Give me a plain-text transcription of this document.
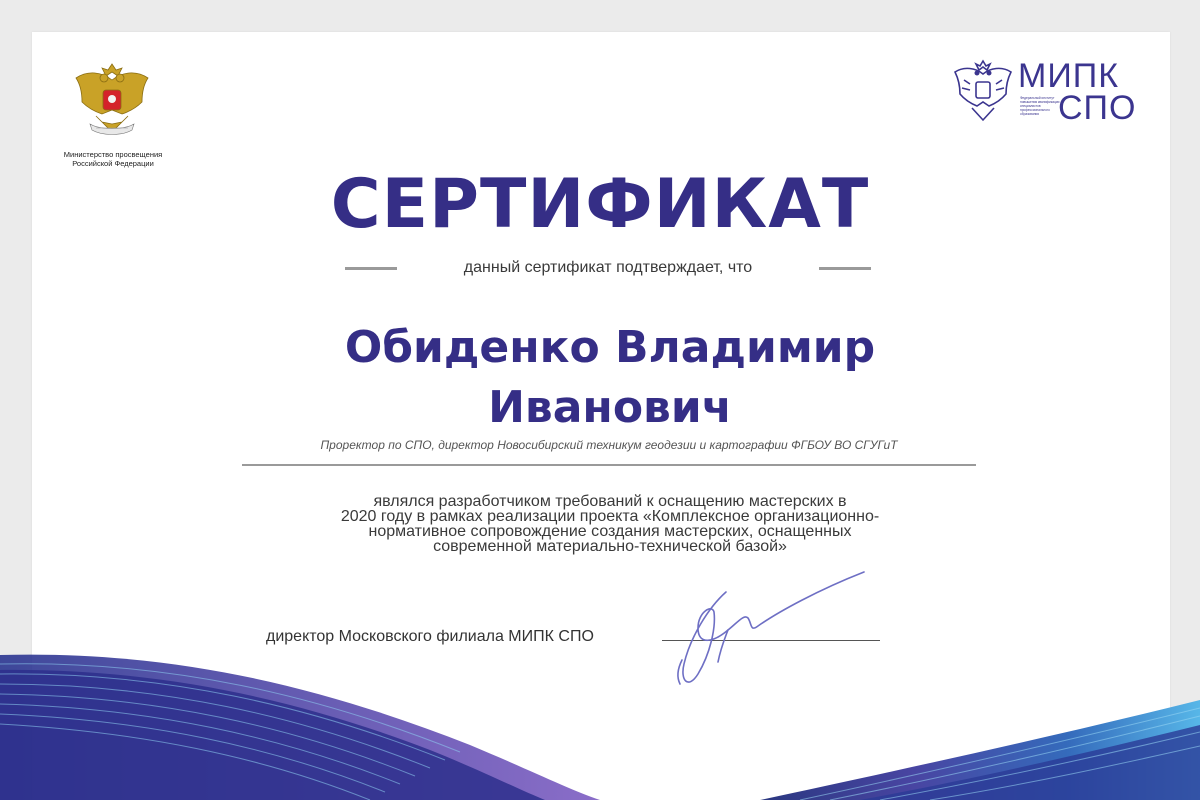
Министерство просвещения
Российской Федерации
МИПК
СПО
Федеральный институт повышения квалификации специалистов профессионального образования
СЕРТИФИКАТ
данный сертификат подтверждает, что
Обиденко Владимир
Иванович
Проректор по СПО, директор Новосибирский техникум геодезии и картографии ФГБОУ ВО СГУГиТ
являлся разработчиком требований к оснащению мастерских в
2020 году в рамках реализации проекта «Комплексное организационно-
нормативное сопровождение создания мастерских, оснащенных
современной материально-технической базой»
директор Московского филиала МИПК СПО
